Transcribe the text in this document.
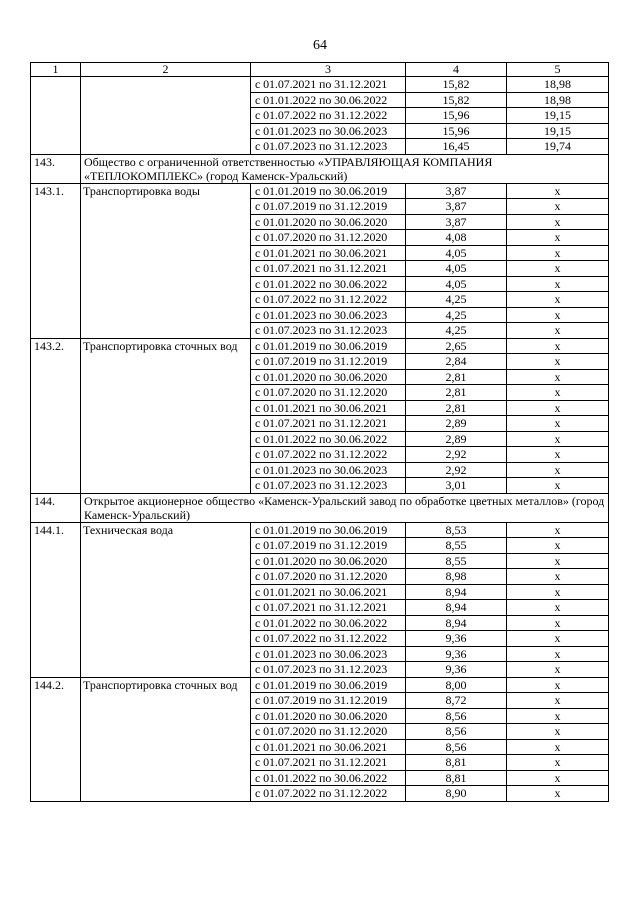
64
1	2	3	4	5
		с 01.07.2021 по 31.12.2021	15,82	18,98
		с 01.01.2022 по 30.06.2022	15,82	18,98
		с 01.07.2022 по 31.12.2022	15,96	19,15
		с 01.01.2023 по 30.06.2023	15,96	19,15
		с 01.07.2023 по 31.12.2023	16,45	19,74
143.	Общество с ограниченной ответственностью «УПРАВЛЯЮЩАЯ КОМПАНИЯ «ТЕПЛОКОМПЛЕКС» (город Каменск-Уральский)			
143.1.	Транспортировка воды	с 01.01.2019 по 30.06.2019	3,87	х
		с 01.07.2019 по 31.12.2019	3,87	х
		с 01.01.2020 по 30.06.2020	3,87	х
		с 01.07.2020 по 31.12.2020	4,08	х
		с 01.01.2021 по 30.06.2021	4,05	х
		с 01.07.2021 по 31.12.2021	4,05	х
		с 01.01.2022 по 30.06.2022	4,05	х
		с 01.07.2022 по 31.12.2022	4,25	х
		с 01.01.2023 по 30.06.2023	4,25	х
		с 01.07.2023 по 31.12.2023	4,25	х
143.2.	Транспортировка сточных вод	с 01.01.2019 по 30.06.2019	2,65	х
		с 01.07.2019 по 31.12.2019	2,84	х
		с 01.01.2020 по 30.06.2020	2,81	х
		с 01.07.2020 по 31.12.2020	2,81	х
		с 01.01.2021 по 30.06.2021	2,81	х
		с 01.07.2021 по 31.12.2021	2,89	х
		с 01.01.2022 по 30.06.2022	2,89	х
		с 01.07.2022 по 31.12.2022	2,92	х
		с 01.01.2023 по 30.06.2023	2,92	х
		с 01.07.2023 по 31.12.2023	3,01	х
144.	Открытое акционерное общество «Каменск-Уральский завод по обработке цветных металлов» (город Каменск-Уральский)			
144.1.	Техническая вода	с 01.01.2019 по 30.06.2019	8,53	х
		с 01.07.2019 по 31.12.2019	8,55	х
		с 01.01.2020 по 30.06.2020	8,55	х
		с 01.07.2020 по 31.12.2020	8,98	х
		с 01.01.2021 по 30.06.2021	8,94	х
		с 01.07.2021 по 31.12.2021	8,94	х
		с 01.01.2022 по 30.06.2022	8,94	х
		с 01.07.2022 по 31.12.2022	9,36	х
		с 01.01.2023 по 30.06.2023	9,36	х
		с 01.07.2023 по 31.12.2023	9,36	х
144.2.	Транспортировка сточных вод	с 01.01.2019 по 30.06.2019	8,00	х
		с 01.07.2019 по 31.12.2019	8,72	х
		с 01.01.2020 по 30.06.2020	8,56	х
		с 01.07.2020 по 31.12.2020	8,56	х
		с 01.01.2021 по 30.06.2021	8,56	х
		с 01.07.2021 по 31.12.2021	8,81	х
		с 01.01.2022 по 30.06.2022	8,81	х
		с 01.07.2022 по 31.12.2022	8,90	х
